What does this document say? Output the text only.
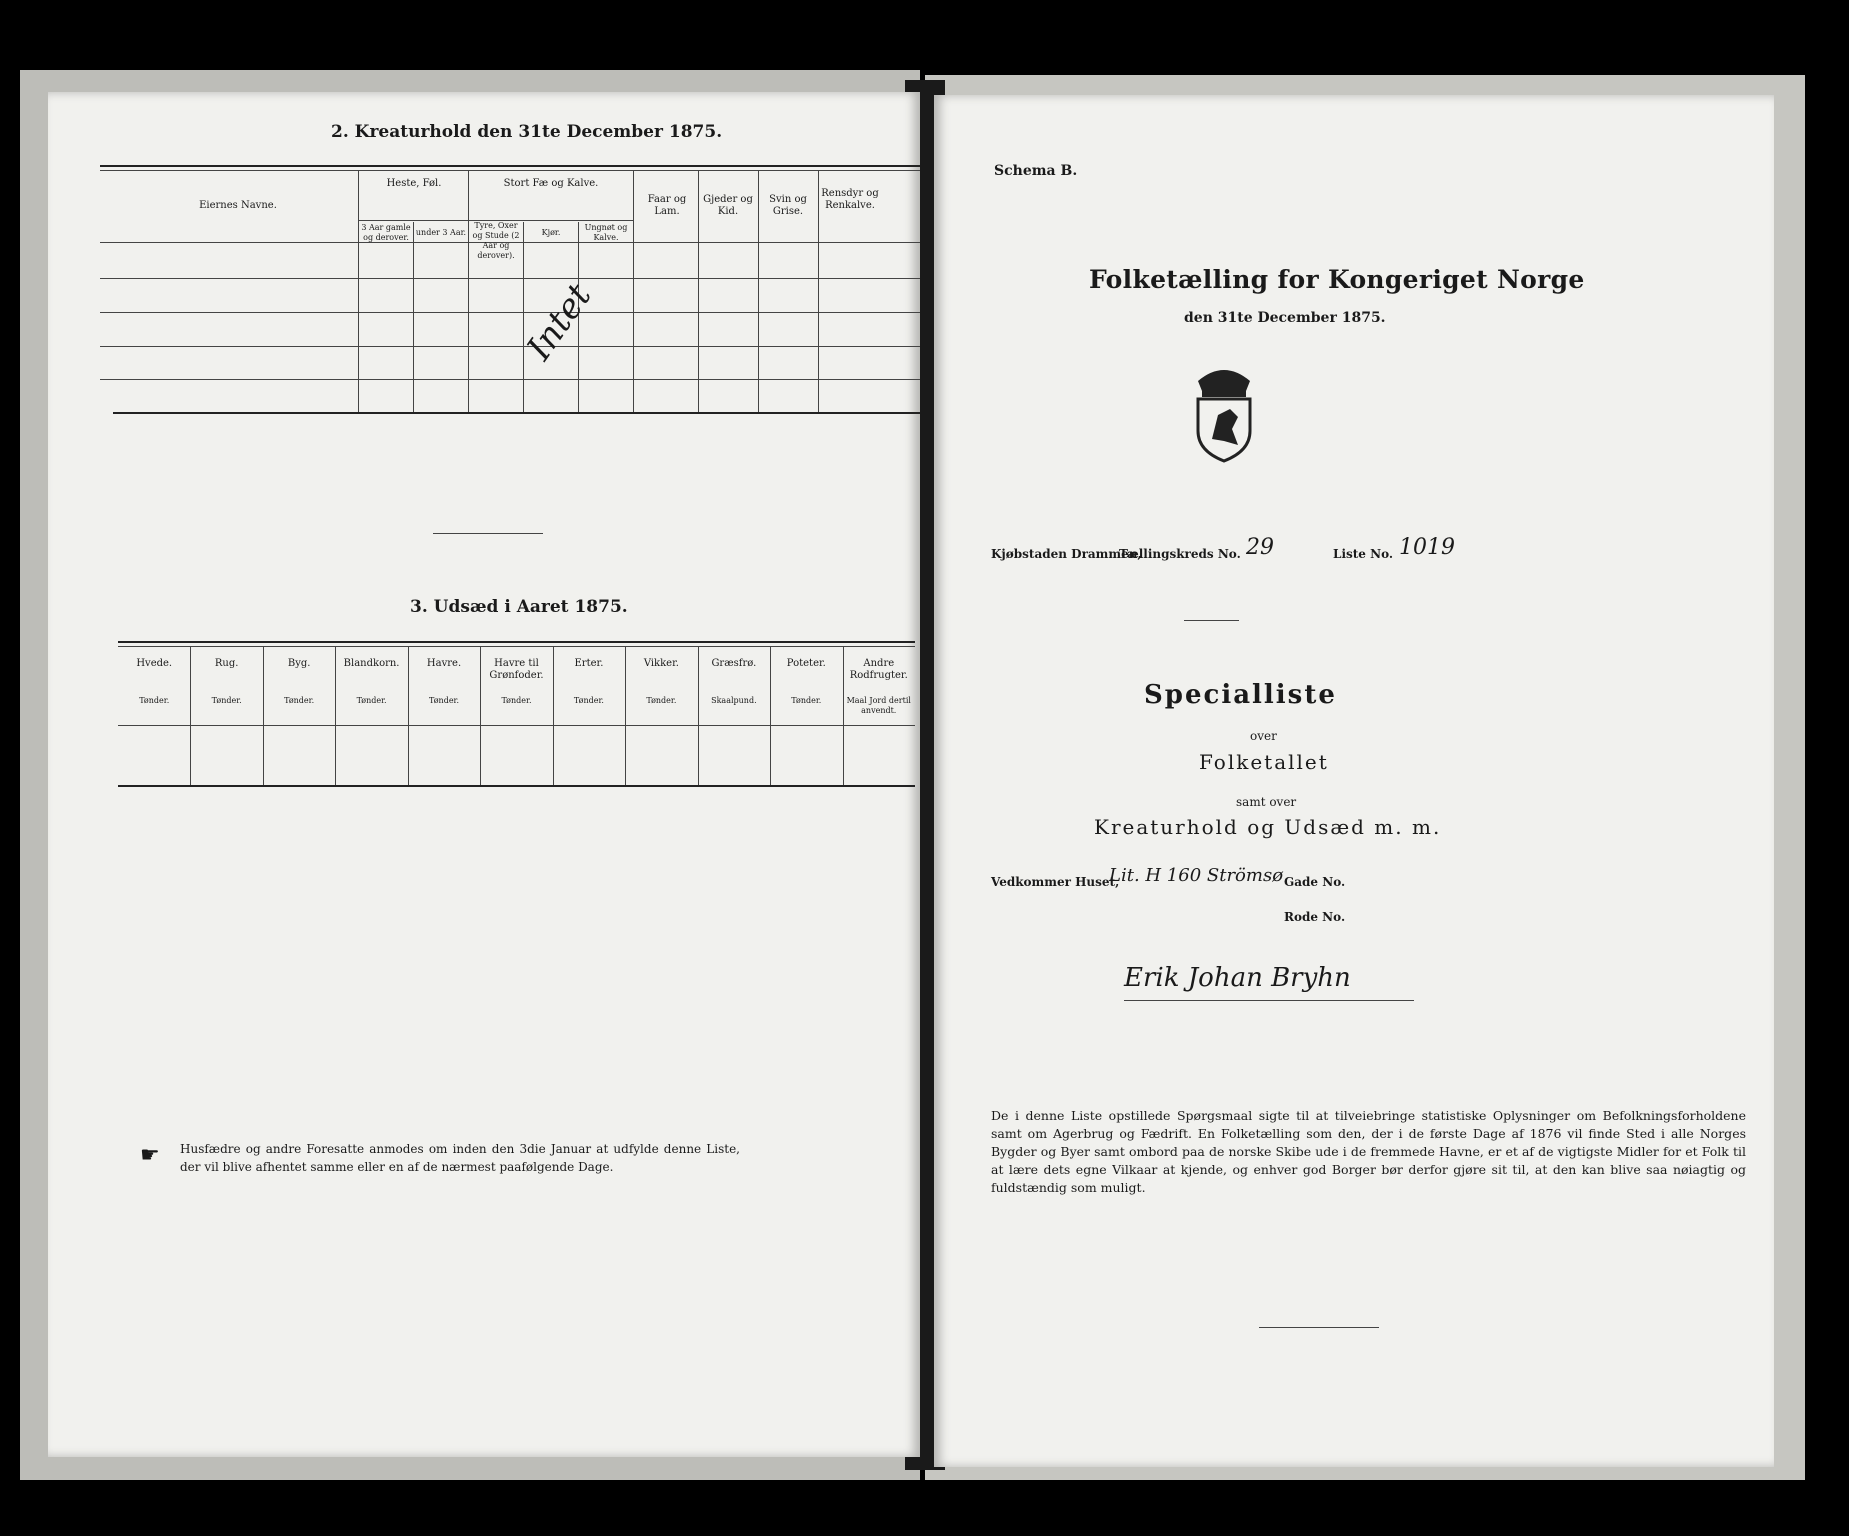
2. Kreaturhold den 31te December 1875.
Eiernes Navne.
Heste, Føl.
3 Aar gamle og derover.
under 3 Aar.
Stort Fæ og Kalve.
Tyre, Oxer og Stude (2 Aar og derover).
Kjør.
Ungnøt og Kalve.
Faar og Lam.
Gjeder og Kid.
Svin og Grise.
Rensdyr og Renkalve.
Intet
3. Udsæd i Aaret 1875.
☛ Husfædre og andre Foresatte anmodes om inden den 3die Januar at udfylde denne Liste, der vil blive afhentet samme eller en af de nærmest paafølgende Dage.
Hvede.
Tønder.
Rug.
Tønder.
Byg.
Tønder.
Blandkorn.
Tønder.
Havre.
Tønder.
Havre til Grønfoder.
Tønder.
Erter.
Tønder.
Vikker.
Tønder.
Græsfrø.
Skaalpund.
Poteter.
Tønder.
Andre Rodfrugter.
Maal Jord dertil anvendt.
Schema B.
Folketælling for Kongeriget Norge
den 31te December 1875.
Kjøbstaden Drammen,
Tællingskreds No. 29	Liste No. 1019
Specialliste
over
Folketallet
samt over
Kreaturhold og Udsæd m. m.
Vedkommer Huset,
Lit. H 160 Strömsø Gade No.
Rode No.
Erik Johan Bryhn
De i denne Liste opstillede Spørgsmaal sigte til at tilveiebringe statistiske Oplysninger om Befolkningsforholdene samt om Agerbrug og Fædrift. En Folketælling som den, der i de første Dage af 1876 vil finde Sted i alle Norges Bygder og Byer samt ombord paa de norske Skibe ude i de fremmede Havne, er et af de vigtigste Midler for et Folk til at lære dets egne Vilkaar at kjende, og enhver god Borger bør derfor gjøre sit til, at den kan blive saa nøiagtig og fuldstændig som muligt.
